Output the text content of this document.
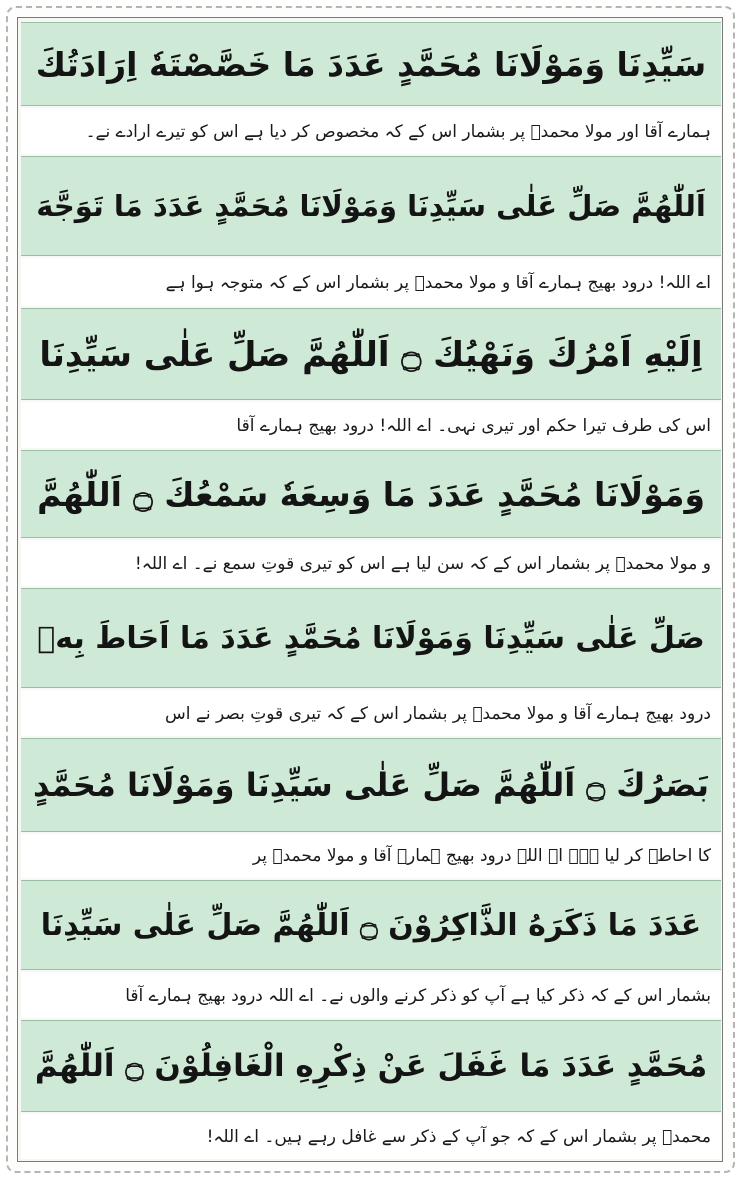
سَیِّدِنَا وَمَوْلَانَا مُحَمَّدٍ عَدَدَ مَا خَصَّصْتَهٗ اِرَادَتُكَ
ہمارے آقا اور مولا محمدؐ پر بشمار اس کے کہ مخصوص کر دیا ہے اس کو تیرے ارادے نے۔
اَللّٰهُمَّ صَلِّ عَلٰى سَیِّدِنَا وَمَوْلَانَا مُحَمَّدٍ عَدَدَ مَا تَوَجَّهَ
اے اللہ! درود بھیج ہمارے آقا و مولا محمدؐ پر بشمار اس کے کہ متوجہ ہوا ہے
اِلَیْهِ اَمْرُكَ وَنَهْیُكَ ۝ اَللّٰهُمَّ صَلِّ عَلٰى سَیِّدِنَا
اس کی طرف تیرا حکم اور تیری نہی۔ اے اللہ! درود بھیج ہمارے آقا
وَمَوْلَانَا مُحَمَّدٍ عَدَدَ مَا وَسِعَهٗ سَمْعُكَ ۝ اَللّٰهُمَّ
و مولا محمدؐ پر بشمار اس کے کہ سن لیا ہے اس کو تیری قوتِ سمع نے۔ اے اللہ!
صَلِّ عَلٰى سَیِّدِنَا وَمَوْلَانَا مُحَمَّدٍ عَدَدَ مَا اَحَاطَ بِهٖ
درود بھیج ہمارے آقا و مولا محمدؐ پر بشمار اس کے کہ تیری قوتِ بصر نے اس
بَصَرُكَ ۝ اَللّٰهُمَّ صَلِّ عَلٰى سَیِّدِنَا وَمَوْلَانَا مُحَمَّدٍ
کا احاطہ کر لیا ہے۔ اے اللہ درود بھیج ہمارے آقا و مولا محمدؐ پر
عَدَدَ مَا ذَكَرَهُ الذَّاكِرُوْنَ ۝ اَللّٰهُمَّ صَلِّ عَلٰى سَیِّدِنَا
بشمار اس کے کہ ذکر کیا ہے آپ کو ذکر کرنے والوں نے۔ اے اللہ درود بھیج ہمارے آقا
مُحَمَّدٍ عَدَدَ مَا غَفَلَ عَنْ ذِكْرِهِ الْغَافِلُوْنَ ۝ اَللّٰهُمَّ
محمدؐ پر بشمار اس کے کہ جو آپ کے ذکر سے غافل رہے ہیں۔ اے اللہ!
